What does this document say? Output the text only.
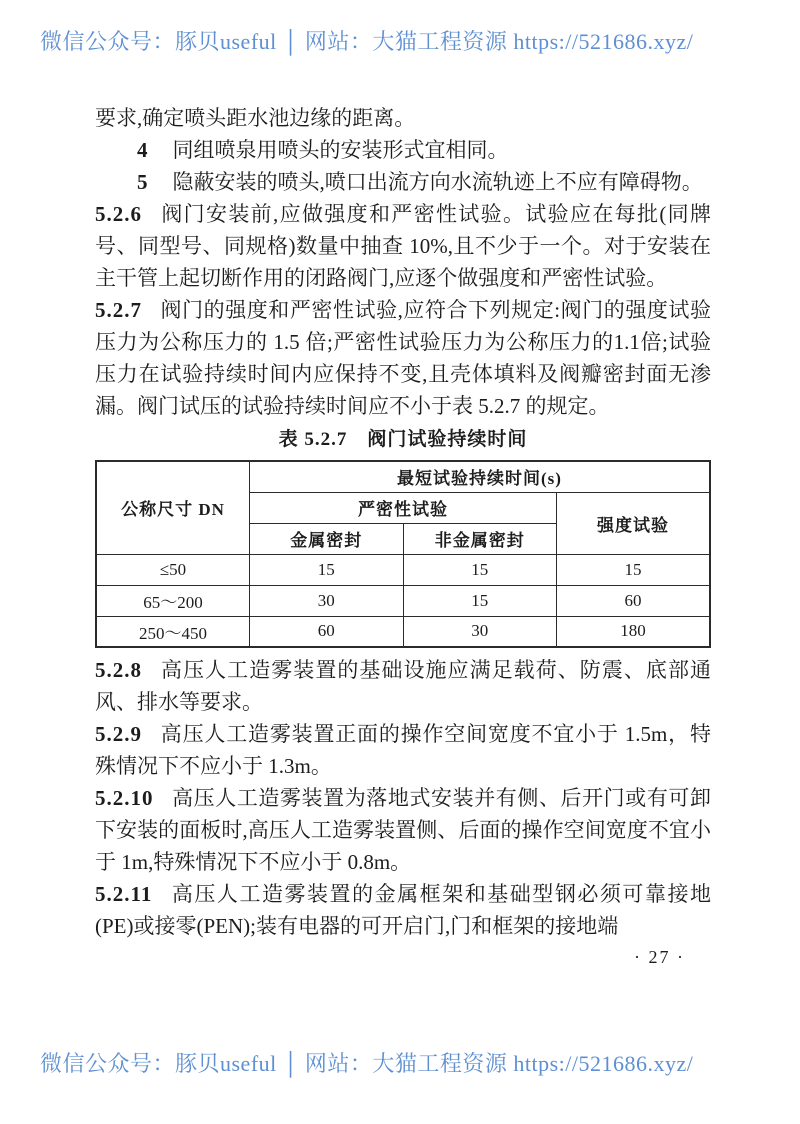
微信公众号：豚贝useful │ 网站：大猫工程资源 https://521686.xyz/

要求,确定喷头距水池边缘的距离。

4 同组喷泉用喷头的安装形式宜相同。

5 隐蔽安装的喷头,喷口出流方向水流轨迹上不应有障碍物。

5.2.6 阀门安装前,应做强度和严密性试验。试验应在每批(同牌号、同型号、同规格)数量中抽查 10%,且不少于一个。对于安装在主干管上起切断作用的闭路阀门,应逐个做强度和严密性试验。

5.2.7 阀门的强度和严密性试验,应符合下列规定:阀门的强度试验压力为公称压力的 1.5 倍;严密性试验压力为公称压力的1.1倍;试验压力在试验持续时间内应保持不变,且壳体填料及阀瓣密封面无渗漏。阀门试压的试验持续时间应不小于表 5.2.7 的规定。

表 5.2.7　阀门试验持续时间
公称尺寸 DN	最短试验持续时间(s)		
	严密性试验		强度试验
	金属密封	非金属密封	
≤50	15	15	15
65～200	30	15	60
250～450	60	30	180

5.2.8 高压人工造雾装置的基础设施应满足载荷、防震、底部通风、排水等要求。

5.2.9 高压人工造雾装置正面的操作空间宽度不宜小于 1.5m，特殊情况下不应小于 1.3m。

5.2.10 高压人工造雾装置为落地式安装并有侧、后开门或有可卸下安装的面板时,高压人工造雾装置侧、后面的操作空间宽度不宜小于 1m,特殊情况下不应小于 0.8m。

5.2.11 高压人工造雾装置的金属框架和基础型钢必须可靠接地(PE)或接零(PEN);装有电器的可开启门,门和框架的接地端

· 27 ·
微信公众号：豚贝useful │ 网站：大猫工程资源 https://521686.xyz/
